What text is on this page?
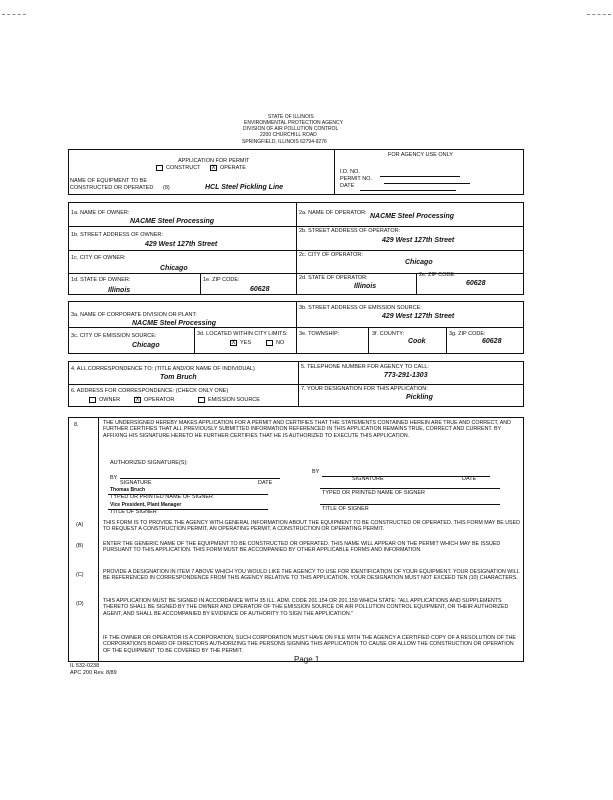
STATE OF ILLINOIS
ENVIRONMENTAL PROTECTION AGENCY
DIVISION OF AIR POLLUTION CONTROL
2200 CHURCHILL ROAD
SPRINGFIELD, ILLINOIS 62794-9276
APPLICATION FOR PERMIT
CONSTRUCT X OPERATE
FOR AGENCY USE ONLY
I.D. NO.
PERMIT NO.
DATE
NAME OF EQUIPMENT TO BE
CONSTRUCTED OR OPERATED (8)	HCL Steel Pickling Line
1a. NAME OF OWNER:
NACME Steel Processing
2a. NAME OF OPERATOR: NACME Steel Processing
1b. STREET ADDRESS OF OWNER:
429 West 127th Street
2b. STREET ADDRESS OF OPERATOR:
429 West 127th Street
1c. CITY OF OWNER:
Chicago
2c. CITY OF OPERATOR:
Chicago
1d. STATE OF OWNER:
Illinois
1e. ZIP CODE:
60628
2d. STATE OF OPERATOR:
Illinois
2e. ZIP CODE:
60628
3a. NAME OF CORPORATE DIVISION OR PLANT:
NACME Steel Processing
3b. STREET ADDRESS OF EMISSION SOURCE:
429 West 127th Street
3c. CITY OF EMISSION SOURCE:
Chicago
3d. LOCATED WITHIN CITY LIMITS:
X YES	NO
3e. TOWNSHIP:	3f. COUNTY:
Cook
3g. ZIP CODE:
60628
4. ALL CORRESPONDENCE TO: (TITLE AND/OR NAME OF INDIVIDUAL)
Tom Bruch
5. TELEPHONE NUMBER FOR AGENCY TO CALL:
773-291-1303
6. ADDRESS FOR CORRESPONDENCE: (CHECK ONLY ONE)
OWNER	X OPERATOR	EMISSION SOURCE
7. YOUR DESIGNATION FOR THIS APPLICATION:
Pickling
8.	THE UNDERSIGNED HEREBY MAKES APPLICATION FOR A PERMIT AND CERTIFIES THAT THE STATEMENTS CONTAINED HEREIN ARE TRUE AND CORRECT, AND FURTHER CERTIFIES THAT ALL PREVIOUSLY SUBMITTED INFORMATION REFERENCED IN THIS APPLICATION REMAINS TRUE, CORRECT AND CURRENT. BY AFFIXING HIS SIGNATURE HERETO HE FURTHER CERTIFIES THAT HE IS AUTHORIZED TO EXECUTE THIS APPLICATION.
AUTHORIZED SIGNATURE(S):
BY
SIGNATURE	DATE
BY
SIGNATURE	DATE
Thomas Bruch
TYPED OR PRINTED NAME OF SIGNER
TYPED OR PRINTED NAME OF SIGNER
Vice President, Plant Manager
TITLE OF SIGNER	TITLE OF SIGNER
(A)	THIS FORM IS TO PROVIDE THE AGENCY WITH GENERAL INFORMATION ABOUT THE EQUIPMENT TO BE CONSTRUCTED OR OPERATED. THIS FORM MAY BE USED TO REQUEST A CONSTRUCTION PERMIT, AN OPERATING PERMIT, A CONSTRUCTION OR OPERATING PERMIT.
(B)	ENTER THE GENERIC NAME OF THE EQUIPMENT TO BE CONSTRUCTED OR OPERATED. THIS NAME WILL APPEAR ON THE PERMIT WHICH MAY BE ISSUED PURSUANT TO THIS APPLICATION. THIS FORM MUST BE ACCOMPANIED BY OTHER APPLICABLE FORMS AND INFORMATION.
(C)	PROVIDE A DESIGNATION IN ITEM 7 ABOVE WHICH YOU WOULD LIKE THE AGENCY TO USE FOR IDENTIFICATION OF YOUR EQUIPMENT. YOUR DESIGNATION WILL BE REFERENCED IN CORRESPONDENCE FROM THIS AGENCY RELATIVE TO THIS APPLICATION. YOUR DESIGNATION MUST NOT EXCEED TEN (10) CHARACTERS.
(D)	THIS APPLICATION MUST BE SIGNED IN ACCORDANCE WITH 35 ILL. ADM. CODE 201.154 OR 201.159 WHICH STATE: "ALL APPLICATIONS AND SUPPLEMENTS THERETO SHALL BE SIGNED BY THE OWNER AND OPERATOR OF THE EMISSION SOURCE OR AIR POLLUTION CONTROL EQUIPMENT, OR THEIR AUTHORIZED AGENT, AND SHALL BE ACCOMPANIED BY EVIDENCE OF AUTHORITY TO SIGN THE APPLICATION."
IF THE OWNER OR OPERATOR IS A CORPORATION, SUCH CORPORATION MUST HAVE ON FILE WITH THE AGENCY A CERTIFIED COPY OF A RESOLUTION OF THE CORPORATION'S BOARD OF DIRECTORS AUTHORIZING THE PERSONS SIGNING THIS APPLICATION TO CAUSE OR ALLOW THE CONSTRUCTION OR OPERATION OF THE EQUIPMENT TO BE COVERED BY THE PERMIT.
IL 532-0238
APC 200 Rev. 8/89
Page 1
